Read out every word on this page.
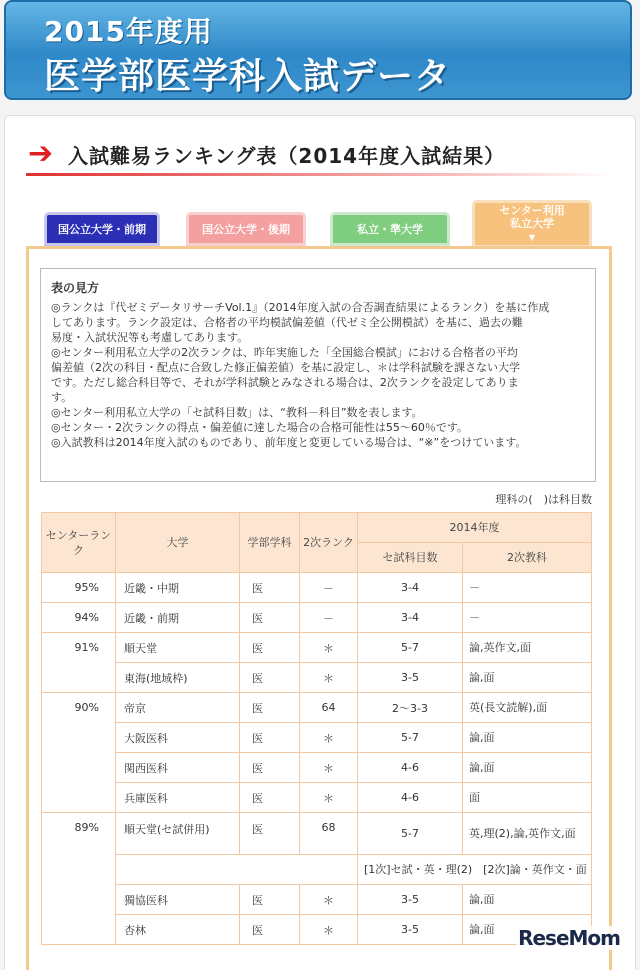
2015年度用
医学部医学科入試データ
➔ 入試難易ランキング表（2014年度入試結果）
国公立大学・前期	国公立大学・後期	私立・準大学
センター利用
私立大学
▼
表の見方
◎ランクは『代ゼミデータリサーチVol.1』（2014年度入試の合否調査結果によるランク）を基に作成
してあります。ランク設定は、合格者の平均模試偏差値（代ゼミ全公開模試）を基に、過去の難
易度・入試状況等も考慮してあります。
◎センター利用私立大学の2次ランクは、昨年実施した「全国総合模試」における合格者の平均
偏差値（2次の科目・配点に合致した修正偏差値）を基に設定し、＊は学科試験を課さない大学
です。ただし総合科目等で、それが学科試験とみなされる場合は、2次ランクを設定してありま
す。
◎センター利用私立大学の「セ試科目数」は、“教科－科目”数を表します。
◎センター・2次ランクの得点・偏差値に達した場合の合格可能性は55～60％です。
◎入試教科は2014年度入試のものであり、前年度と変更している場合は、“※”をつけています。
理科の(　)は科目数
センターランク	大学	学部学科	2次ランク	2014年度	
				セ試科目数	2次教科
95%	近畿・中期	医	－	3-4	－
94%	近畿・前期	医	－	3-4	－
91%	順天堂	医	＊	5-7	論,英作文,面
	東海(地域枠)	医	＊	3-5	論,面
90%	帝京	医	64	2～3-3	英(長文読解),面
	大阪医科	医	＊	5-7	論,面
	関西医科	医	＊	4-6	論,面
	兵庫医科	医	＊	4-6	面
89%	順天堂(セ試併用)	医	68	5-7	英,理(2),論,英作文,面
				[1次]セ試・英・理(2)　[2次]論・英作文・面	
	獨協医科	医	＊	3-5	論,面
	杏林	医	＊	3-5	論,面 ReseMom
